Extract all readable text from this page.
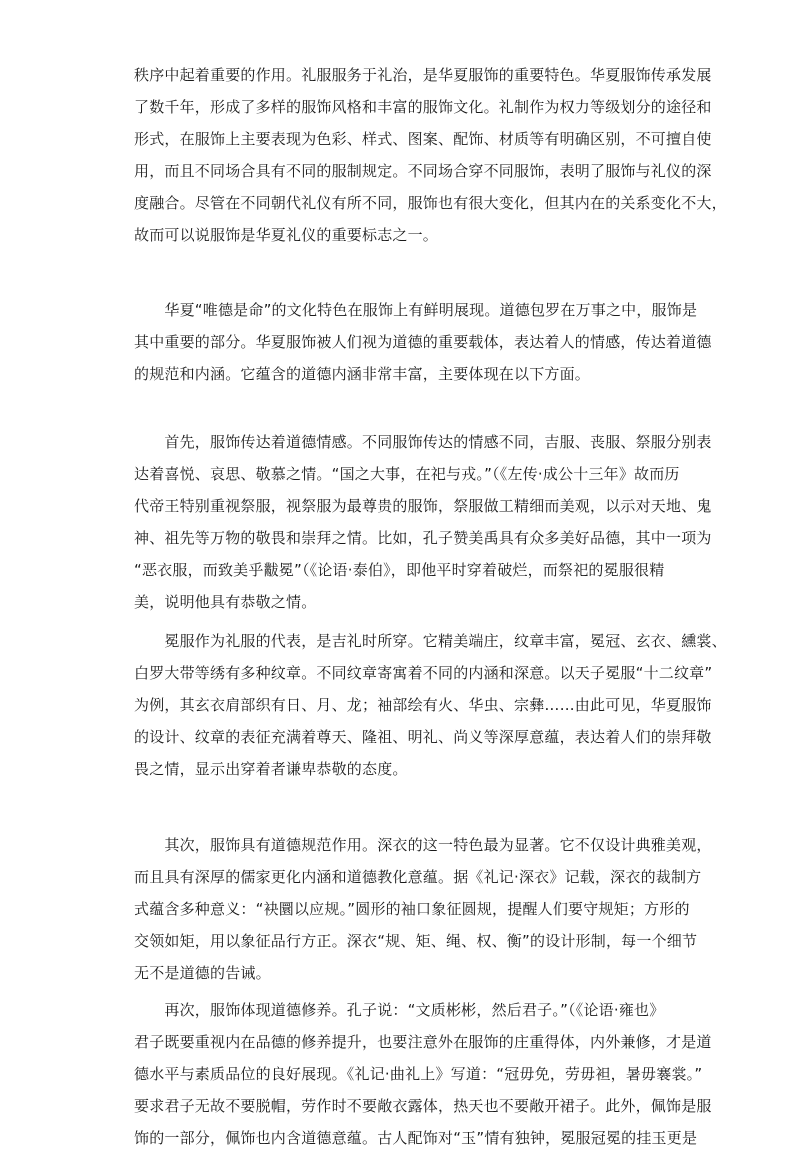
秩序中起着重要的作用。礼服服务于礼治，是华夏服饰的重要特色。华夏服饰传承发展
了数千年，形成了多样的服饰风格和丰富的服饰文化。礼制作为权力等级划分的途径和
形式，在服饰上主要表现为色彩、样式、图案、配饰、材质等有明确区别，不可擅自使
用，而且不同场合具有不同的服制规定。不同场合穿不同服饰，表明了服饰与礼仪的深
度融合。尽管在不同朝代礼仪有所不同，服饰也有很大变化，但其内在的关系变化不大，
故而可以说服饰是华夏礼仪的重要标志之一。

　　华夏“唯德是命”的文化特色在服饰上有鲜明展现。道德包罗在万事之中，服饰是
其中重要的部分。华夏服饰被人们视为道德的重要载体，表达着人的情感，传达着道德
的规范和内涵。它蕴含的道德内涵非常丰富，主要体现在以下方面。

　　首先，服饰传达着道德情感。不同服饰传达的情感不同，吉服、丧服、祭服分别表
达着喜悦、哀思、敬慕之情。“国之大事，在祀与戎。”（《左传·成公十三年》故而历
代帝王特别重视祭服，视祭服为最尊贵的服饰，祭服做工精细而美观，以示对天地、鬼
神、祖先等万物的敬畏和崇拜之情。比如，孔子赞美禹具有众多美好品德，其中一项为
“恶衣服，而致美乎黻冕”（《论语·泰伯》，即他平时穿着破烂，而祭祀的冕服很精
美，说明他具有恭敬之情。

　　冕服作为礼服的代表，是吉礼时所穿。它精美端庄，纹章丰富，冕冠、玄衣、纁裳、
白罗大带等绣有多种纹章。不同纹章寄寓着不同的内涵和深意。以天子冕服“十二纹章”
为例，其玄衣肩部织有日、月、龙；袖部绘有火、华虫、宗彝……由此可见，华夏服饰
的设计、纹章的表征充满着尊天、隆祖、明礼、尚义等深厚意蕴，表达着人们的崇拜敬
畏之情，显示出穿着者谦卑恭敬的态度。

　　其次，服饰具有道德规范作用。深衣的这一特色最为显著。它不仅设计典雅美观，
而且具有深厚的儒家更化内涵和道德教化意蕴。据《礼记·深衣》记载，深衣的裁制方
式蕴含多种意义：“袂圜以应规。”圆形的袖口象征圆规，提醒人们要守规矩；方形的
交领如矩，用以象征品行方正。深衣“规、矩、绳、权、衡”的设计形制，每一个细节
无不是道德的告诫。

　　再次，服饰体现道德修养。孔子说：“文质彬彬，然后君子。”（《论语·雍也》
君子既要重视内在品德的修养提升，也要注意外在服饰的庄重得体，内外兼修，才是道
德水平与素质品位的良好展现。《礼记·曲礼上》写道：“冠毋免，劳毋袒，暑毋褰裳。”
要求君子无故不要脱帽，劳作时不要敞衣露体，热天也不要敞开裙子。此外，佩饰是服
饰的一部分，佩饰也内含道德意蕴。古人配饰对“玉”情有独钟，冕服冠冕的挂玉更是
